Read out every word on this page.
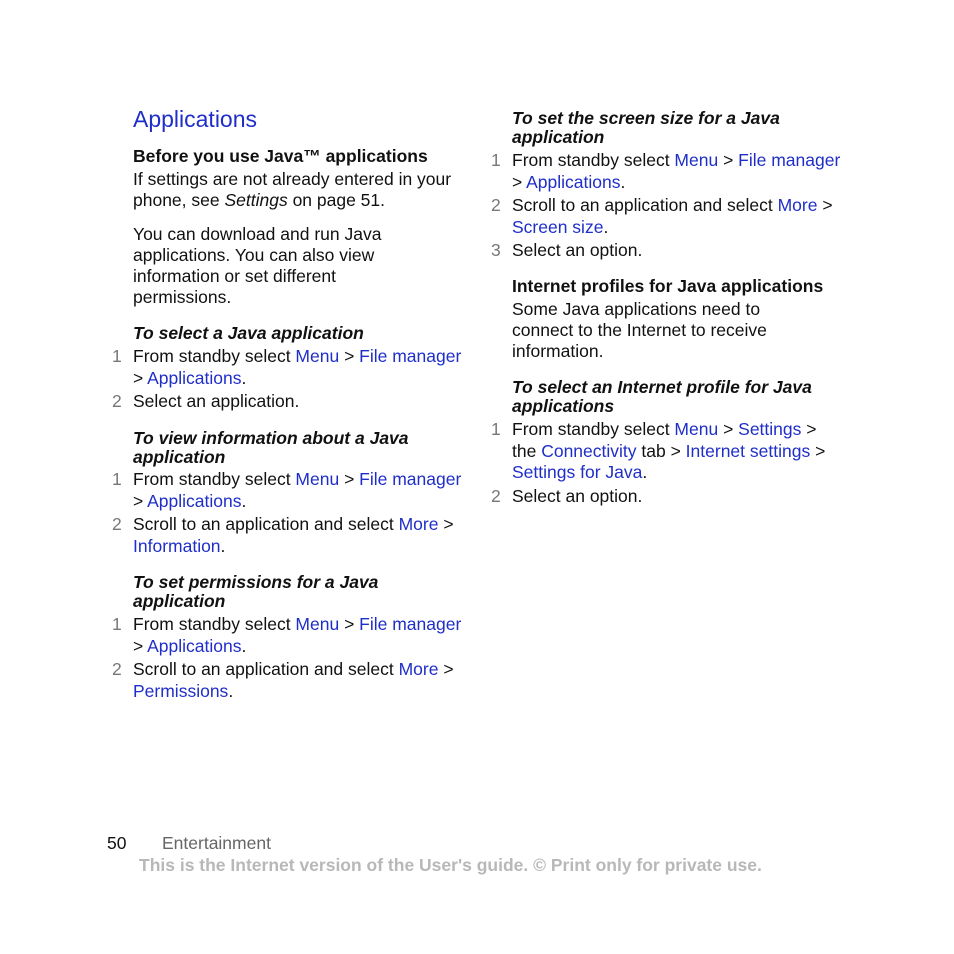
Applications
Before you use Java™ applications
If settings are not already entered in your phone, see Settings on page 51.
You can download and run Java applications. You can also view information or set different permissions.
To select a Java application
1 From standby select Menu > File manager > Applications.
2 Select an application.
To view information about a Java application
1 From standby select Menu > File manager > Applications.
2 Scroll to an application and select More > Information.
To set permissions for a Java application
1 From standby select Menu > File manager > Applications.
2 Scroll to an application and select More > Permissions.
To set the screen size for a Java application
1 From standby select Menu > File manager > Applications.
2 Scroll to an application and select More > Screen size.
3 Select an option.
Internet profiles for Java applications
Some Java applications need to connect to the Internet to receive information.
To select an Internet profile for Java applications
1 From standby select Menu > Settings > the Connectivity tab > Internet settings > Settings for Java.
2 Select an option.
50 Entertainment
This is the Internet version of the User's guide. © Print only for private use.
